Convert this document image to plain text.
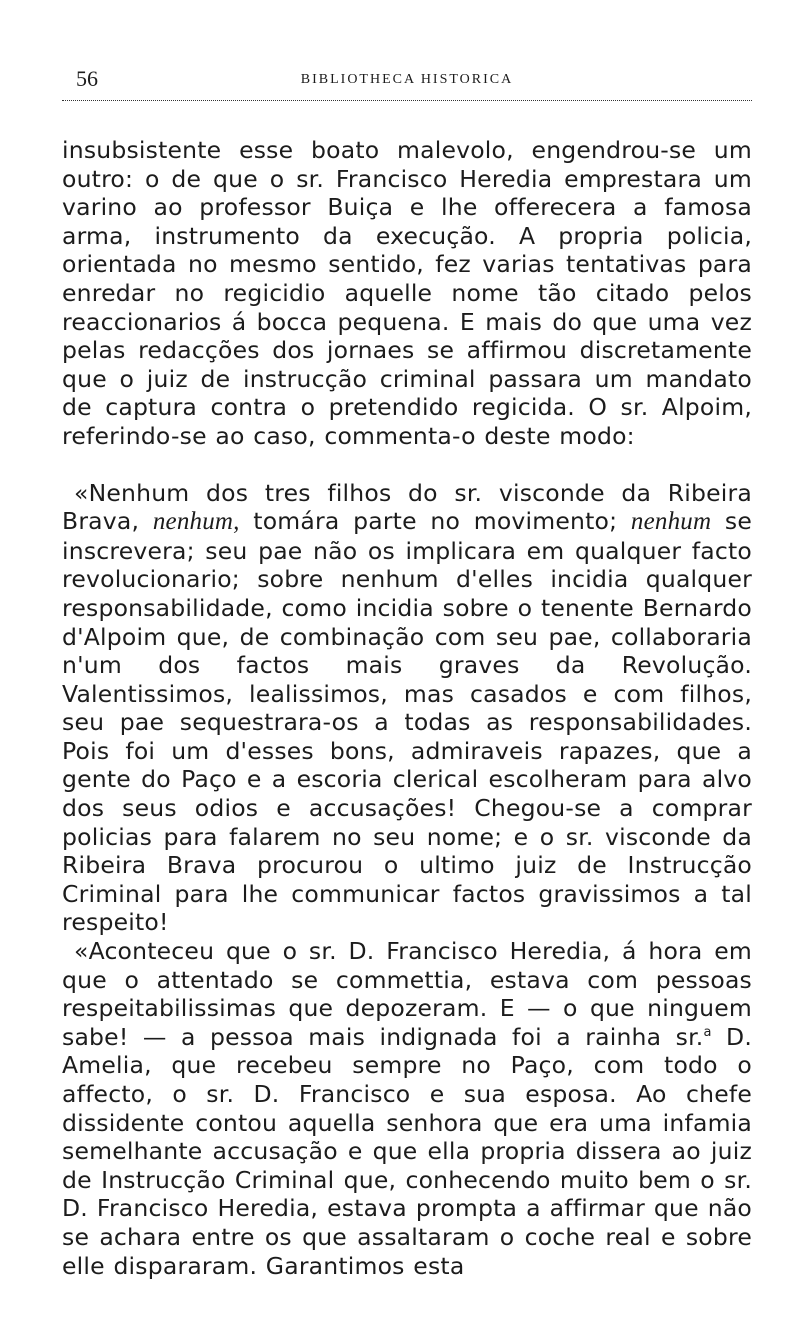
56	BIBLIOTHECA HISTORICA

insubsistente esse boato malevolo, engendrou-se um outro: o de que o sr. Francisco Heredia emprestara um varino ao professor Buiça e lhe offerecera a famosa arma, instrumento da execução. A propria policia, orientada no mesmo sentido, fez varias tentativas para enredar no regicidio aquelle nome tão citado pelos reaccionarios á bocca pequena. E mais do que uma vez pelas redacções dos jornaes se affirmou discretamente que o juiz de instrucção criminal passara um mandato de captura contra o pretendido regicida. O sr. Alpoim, referindo-se ao caso, commenta-o deste modo:

«Nenhum dos tres filhos do sr. visconde da Ribeira Brava, nenhum, tomára parte no movimento; nenhum se inscrevera; seu pae não os implicara em qualquer facto revolucionario; sobre nenhum d'elles incidia qualquer responsabilidade, como incidia sobre o tenente Bernardo d'Alpoim que, de combinação com seu pae, collaboraria n'um dos factos mais graves da Revolução. Valentissimos, lealissimos, mas casados e com filhos, seu pae sequestrara-os a todas as responsabilidades. Pois foi um d'esses bons, admiraveis rapazes, que a gente do Paço e a escoria clerical escolheram para alvo dos seus odios e accusações! Chegou-se a comprar policias para falarem no seu nome; e o sr. visconde da Ribeira Brava procurou o ultimo juiz de Instrucção Criminal para lhe communicar factos gravissimos a tal respeito!

«Aconteceu que o sr. D. Francisco Heredia, á hora em que o attentado se commettia, estava com pessoas respeitabilissimas que depozeram. E — o que ninguem sabe! — a pessoa mais indignada foi a rainha sr.$^a$ D. Amelia, que recebeu sempre no Paço, com todo o affecto, o sr. D. Francisco e sua esposa. Ao chefe dissidente contou aquella senhora que era uma infamia semelhante accusação e que ella propria dissera ao juiz de Instrucção Criminal que, conhecendo muito bem o sr. D. Francisco Heredia, estava prompta a affirmar que não se achara entre os que assaltaram o coche real e sobre elle dispararam. Garantimos esta
